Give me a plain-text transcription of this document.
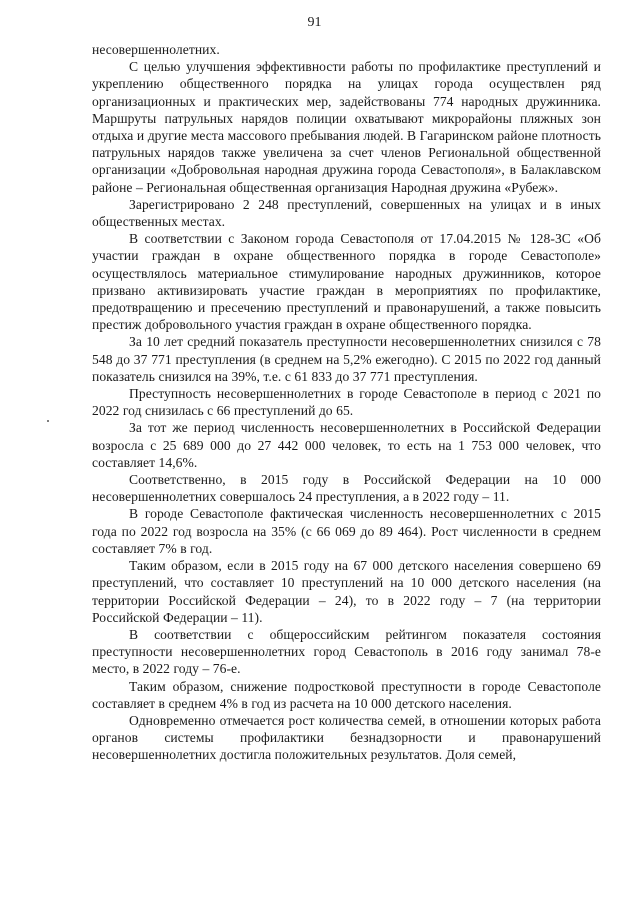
91

несовершеннолетних.

С целью улучшения эффективности работы по профилактике преступлений и укреплению общественного порядка на улицах города осуществлен ряд организационных и практических мер, задействованы 774 народных дружинника. Маршруты патрульных нарядов полиции охватывают микрорайоны пляжных зон отдыха и другие места массового пребывания людей. В Гагаринском районе плотность патрульных нарядов также увеличена за счет членов Региональной общественной организации «Добровольная народная дружина города Севастополя», в Балаклавском районе – Региональная общественная организация Народная дружина «Рубеж».

Зарегистрировано 2 248 преступлений, совершенных на улицах и в иных общественных местах.

В соответствии с Законом города Севастополя от 17.04.2015 № 128-ЗС «Об участии граждан в охране общественного порядка в городе Севастополе» осуществлялось материальное стимулирование народных дружинников, которое призвано активизировать участие граждан в мероприятиях по профилактике, предотвращению и пресечению преступлений и правонарушений, а также повысить престиж добровольного участия граждан в охране общественного порядка.

За 10 лет средний показатель преступности несовершеннолетних снизился с 78 548 до 37 771 преступления (в среднем на 5,2% ежегодно). С 2015 по 2022 год данный показатель снизился на 39%, т.е. с 61 833 до 37 771 преступления.

Преступность несовершеннолетних в городе Севастополе в период с 2021 по 2022 год снизилась с 66 преступлений до 65.

За тот же период численность несовершеннолетних в Российской Федерации возросла с 25 689 000 до 27 442 000 человек, то есть на 1 753 000 человек, что составляет 14,6%.

Соответственно, в 2015 году в Российской Федерации на 10 000 несовершеннолетних совершалось 24 преступления, а в 2022 году – 11.

В городе Севастополе фактическая численность несовершеннолетних с 2015 года по 2022 год возросла на 35% (с 66 069 до 89 464). Рост численности в среднем составляет 7% в год.

Таким образом, если в 2015 году на 67 000 детского населения совершено 69 преступлений, что составляет 10 преступлений на 10 000 детского населения (на территории Российской Федерации – 24), то в 2022 году – 7 (на территории Российской Федерации – 11).

В соответствии с общероссийским рейтингом показателя состояния преступности несовершеннолетних город Севастополь в 2016 году занимал 78-е место, в 2022 году – 76-е.

Таким образом, снижение подростковой преступности в городе Севастополе составляет в среднем 4% в год из расчета на 10 000 детского населения.

Одновременно отмечается рост количества семей, в отношении которых работа органов системы профилактики безнадзорности и правонарушений несовершеннолетних достигла положительных результатов. Доля семей,
